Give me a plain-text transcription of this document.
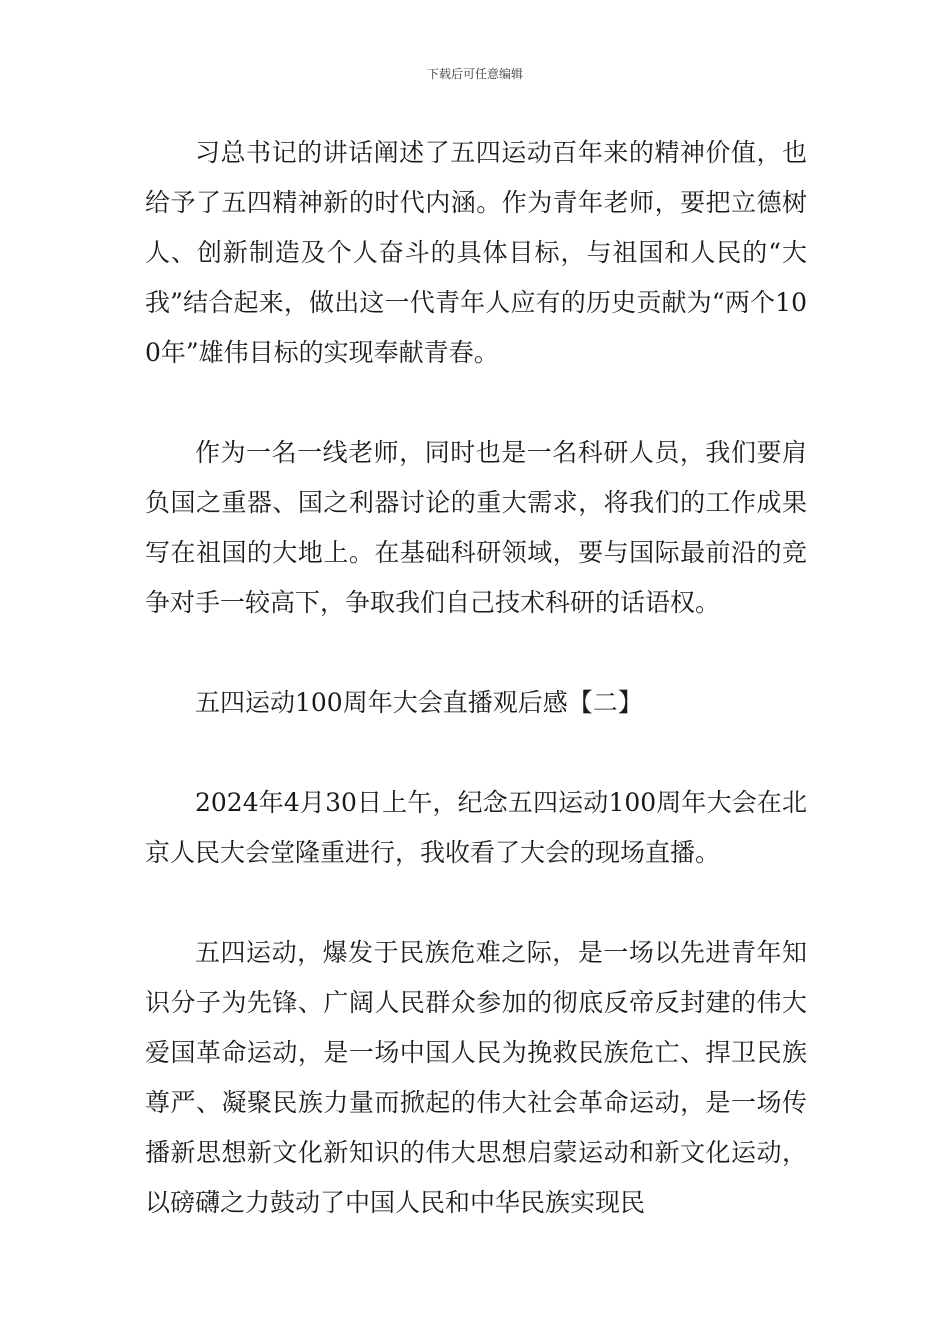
下载后可任意编辑

习总书记的讲话阐述了五四运动百年来的精神价值，也给予了五四精神新的时代内涵。作为青年老师，要把立德树人、创新制造及个人奋斗的具体目标，与祖国和人民的“大我”结合起来，做出这一代青年人应有的历史贡献为“两个100年”雄伟目标的实现奉献青春。

作为一名一线老师，同时也是一名科研人员，我们要肩负国之重器、国之利器讨论的重大需求，将我们的工作成果写在祖国的大地上。在基础科研领域，要与国际最前沿的竞争对手一较高下，争取我们自己技术科研的话语权。

五四运动100周年大会直播观后感【二】

2024年4月30日上午，纪念五四运动100周年大会在北京人民大会堂隆重进行，我收看了大会的现场直播。

五四运动，爆发于民族危难之际，是一场以先进青年知识分子为先锋、广阔人民群众参加的彻底反帝反封建的伟大爱国革命运动，是一场中国人民为挽救民族危亡、捍卫民族尊严、凝聚民族力量而掀起的伟大社会革命运动，是一场传播新思想新文化新知识的伟大思想启蒙运动和新文化运动，以磅礴之力鼓动了中国人民和中华民族实现民
